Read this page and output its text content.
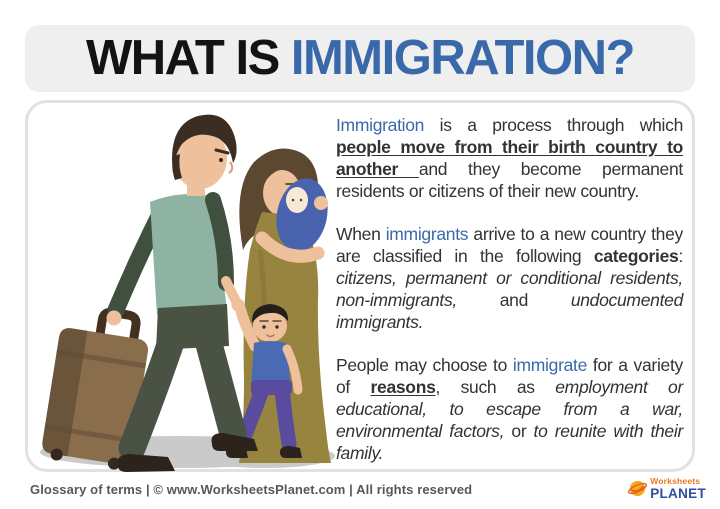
WHAT IS IMMIGRATION?

Immigration is a process through which people move from their birth country to another and they become permanent residents or citizens of their new country.

When immigrants arrive to a new country they are classified in the following categories: citizens, permanent or conditional residents, non-immigrants, and undocumented immigrants.

People may choose to immigrate for a variety of reasons, such as employment or educational, to escape from a war, environmental factors, or to reunite with their family.

Glossary of terms | © www.WorksheetsPlanet.com | All rights reserved
Worksheets
PLANET
